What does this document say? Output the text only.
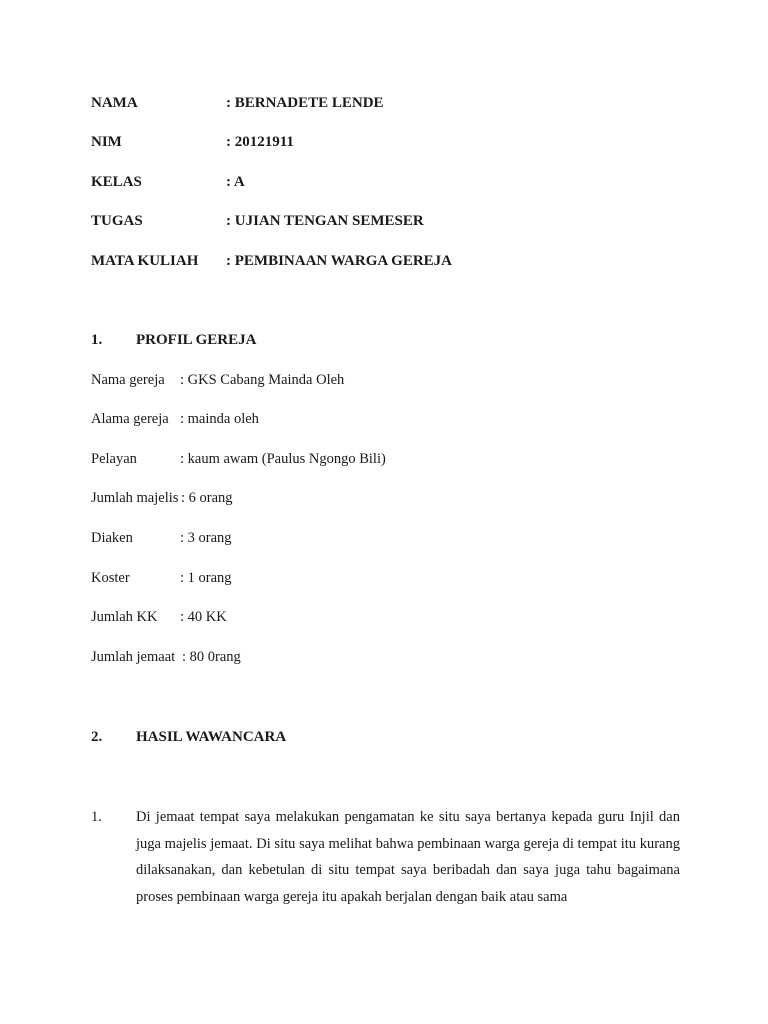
NAMA	: BERNADETE LENDE
NIM	: 20121911
KELAS	: A
TUGAS	: UJIAN TENGAN SEMESER
MATA KULIAH : PEMBINAAN WARGA GEREJA
1. PROFIL GEREJA
Nama gereja : GKS Cabang Mainda Oleh
Alama gereja : mainda oleh
Pelayan	: kaum awam (Paulus Ngongo Bili)
Jumlah majelis : 6 orang
Diaken	: 3 orang
Koster	: 1 orang
Jumlah KK : 40 KK
Jumlah jemaat : 80 0rang
2. HASIL WAWANCARA
1. Di jemaat tempat saya melakukan pengamatan ke situ saya bertanya kepada guru Injil dan juga majelis jemaat. Di situ saya melihat bahwa pembinaan warga gereja di tempat itu kurang dilaksanakan, dan kebetulan di situ tempat saya beribadah dan saya juga tahu bagaimana proses pembinaan warga gereja itu apakah berjalan dengan baik atau sama
